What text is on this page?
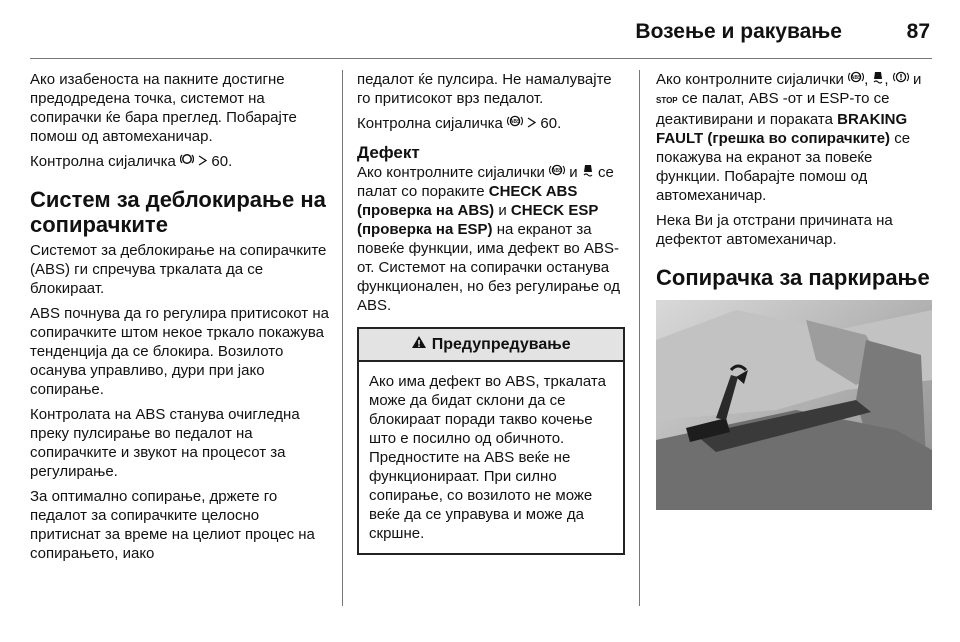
Возење и ракување	87

Ако изабеноста на пакните достигне предодредена точка, системот на сопирачки ќе бара преглед. Побарајте помош од автомеханичар.

Контролна сијаличка 60.

Систем за деблокирање на сопирачките

Системот за деблокирање на сопирачките (ABS) ги спречува тркалата да се блокираат.

ABS почнува да го регулира притисокот на сопирачките штом некое тркало покажува тенденција да се блокира. Возилото осанува управливо, дури при јако сопирање.

Контролата на ABS станува очигледна преку пулсирање во педалот на сопирачките и звукот на процесот за регулирање.

За оптимално сопирање, држете го педалот за сопирачките целосно притиснат за време на целиот процес на сопирањето, иако

педалот ќе пулсира. Не намалувајте го притисокот врз педалот.

Контролна сијаличка ABS 60.

Дефект

Ако контролните сијалички ABS и се палат со пораките CHECK ABS (проверка на ABS) и CHECK ESP (проверка на ESP) на екранот за повеќе функции, има дефект во ABS-от. Системот на сопирачки останува функционален, но без регулирање од ABS.

Предупредување
Ако има дефект во ABS, тркалата може да бидат склони да се блокираат поради такво кочење што е посилно од обичното. Предностите на ABS веќе не функционираат. При силно сопирање, со возилото не може веќе да се управува и може да скршне.

Ако контролните сијалички ABS , ,  и STOP се палат, ABS -от и ESP-то се деактивирани и пораката BRAKING FAULT (грешка во сопирачките) се покажува на екранот за повеќе функции. Побарајте помош од автомеханичар.

Нека Ви ја отстрани причината на дефектот автомеханичар.

Сопирачка за паркирање
